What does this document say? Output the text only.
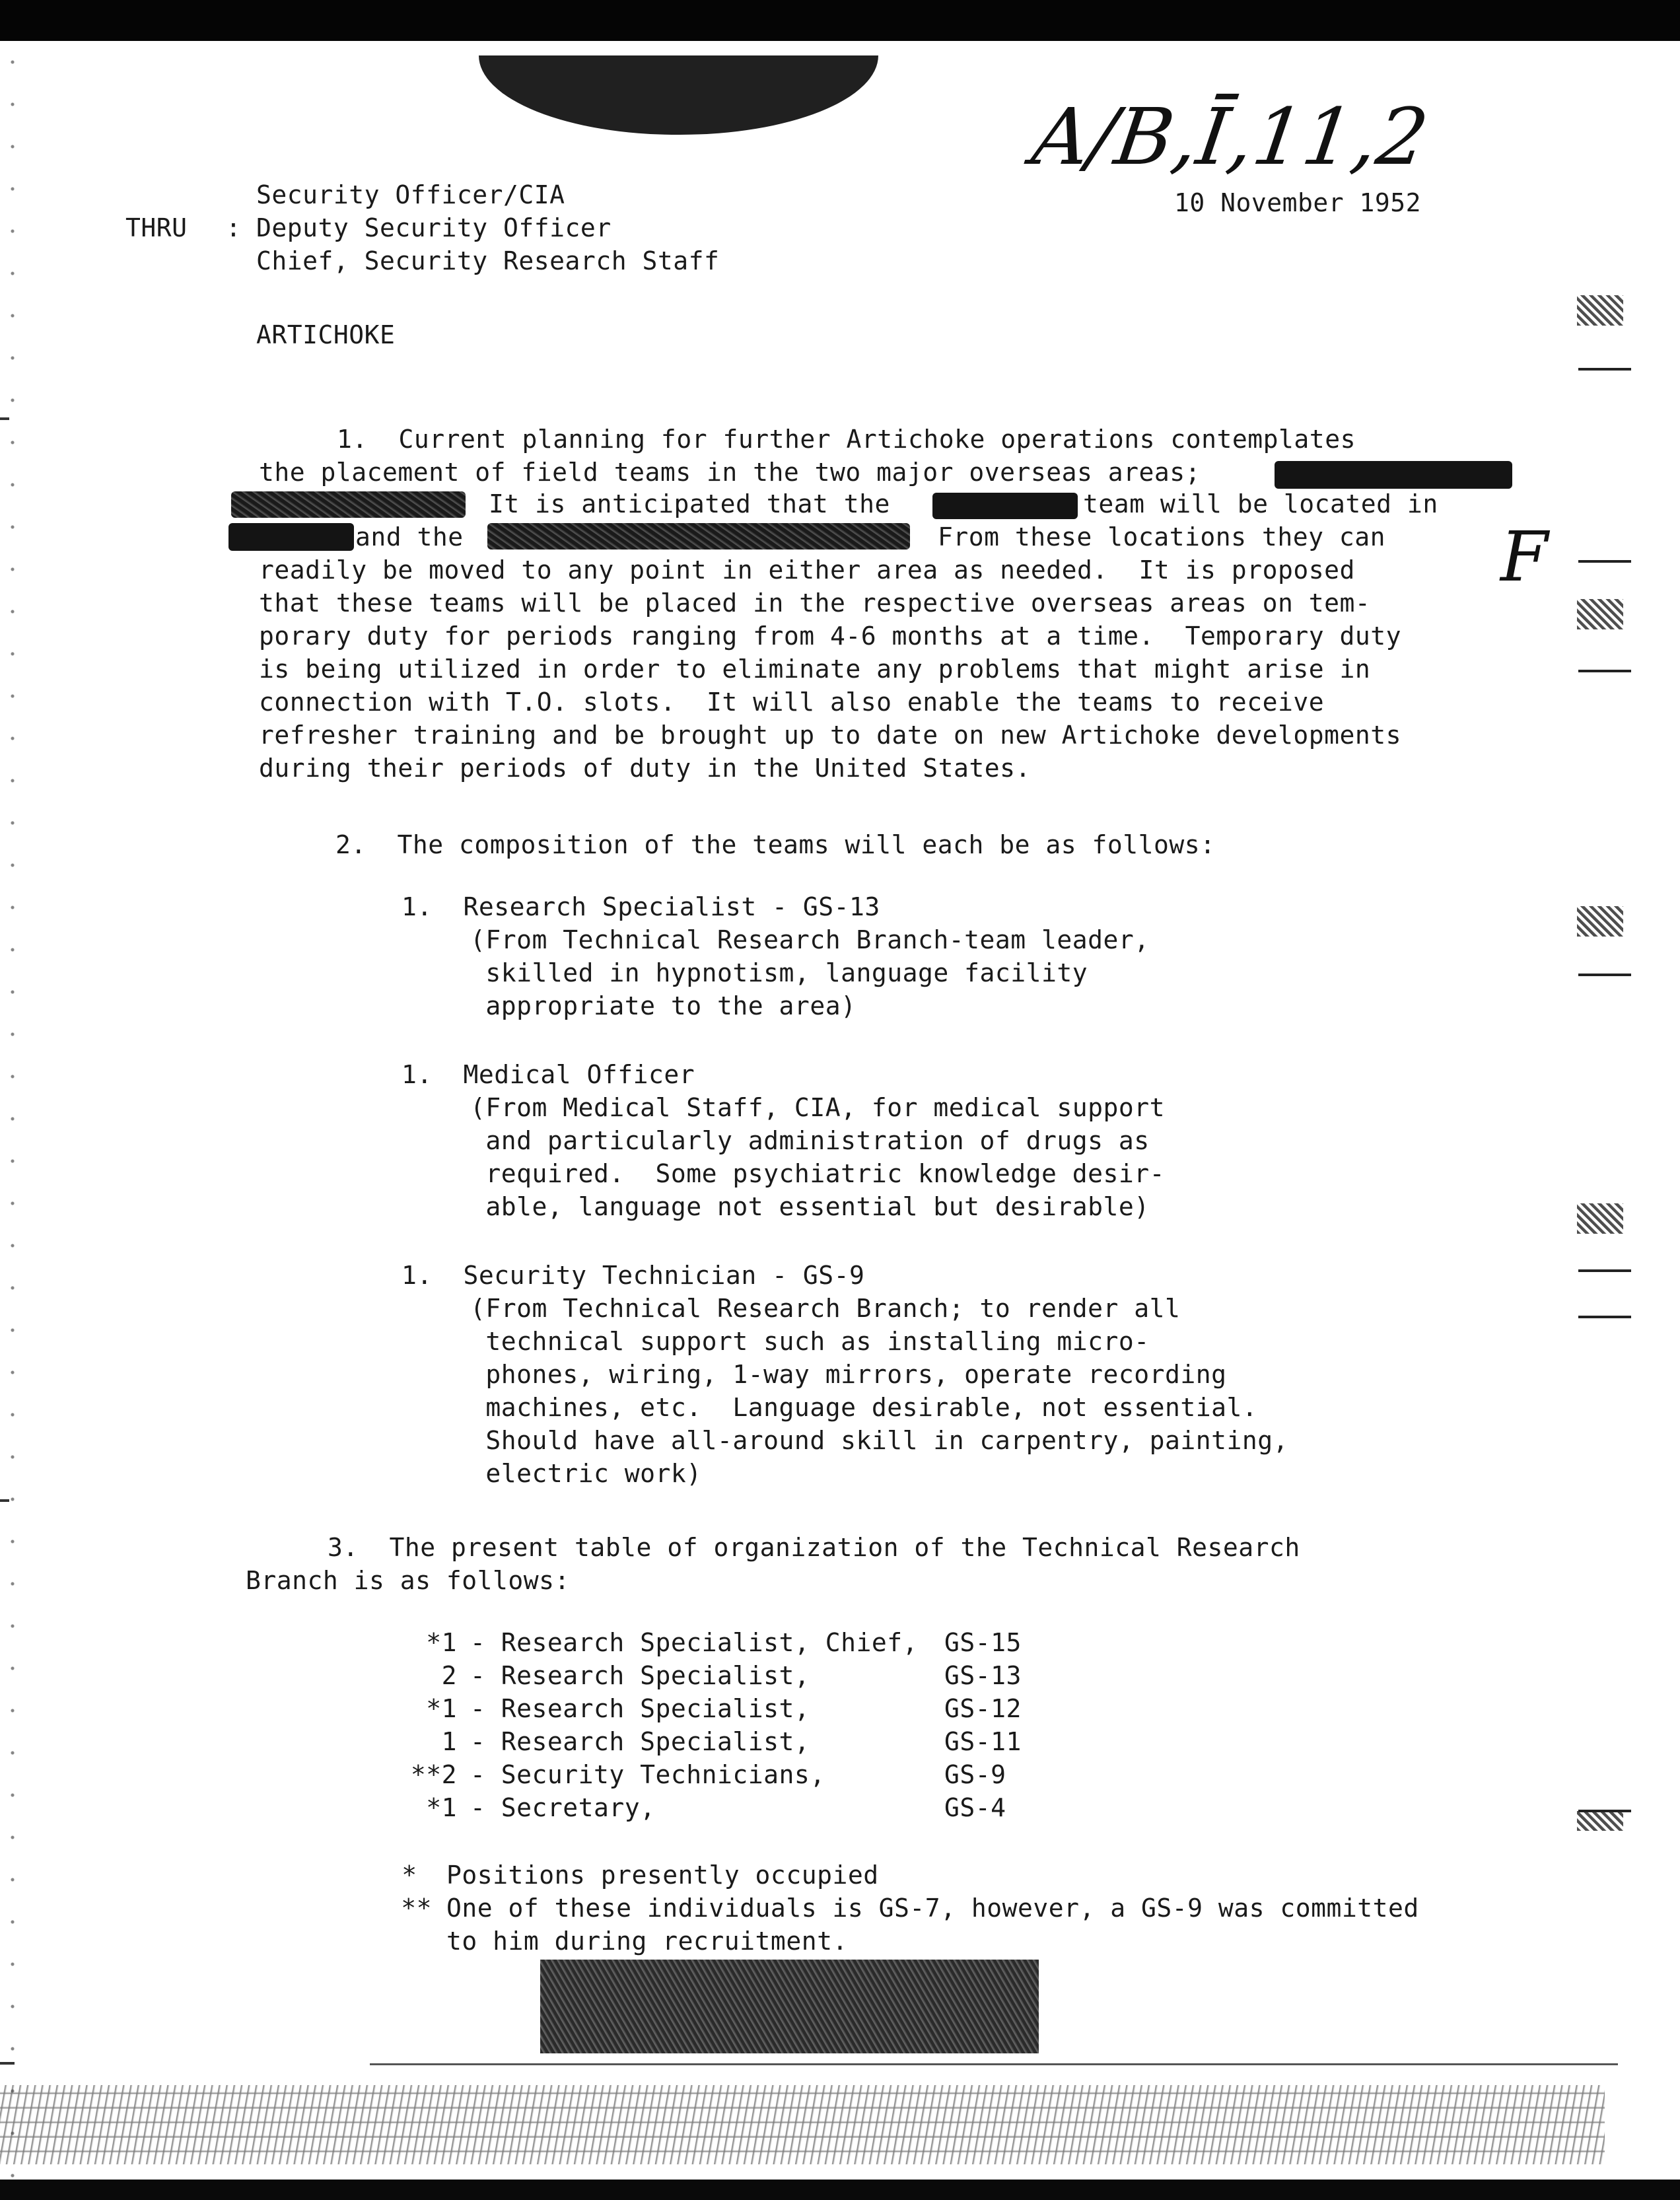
A/B,Ī,11,2
F
Security Officer/CIA
THRU : Deputy Security Officer
Chief, Security Research Staff
10 November 1952
ARTICHOKE
1.  Current planning for further Artichoke operations contemplates
the placement of field teams in the two major overseas areas;
It is anticipated that the	team will be located in
and the	From these locations they can
readily be moved to any point in either area as needed.  It is proposed
that these teams will be placed in the respective overseas areas on tem-
porary duty for periods ranging from 4-6 months at a time.  Temporary duty
is being utilized in order to eliminate any problems that might arise in
connection with T.O. slots.  It will also enable the teams to receive
refresher training and be brought up to date on new Artichoke developments
during their periods of duty in the United States.
2.  The composition of the teams will each be as follows:
1.  Research Specialist - GS-13
(From Technical Research Branch-team leader,
skilled in hypnotism, language facility
appropriate to the area)
1.  Medical Officer
(From Medical Staff, CIA, for medical support
and particularly administration of drugs as
required.  Some psychiatric knowledge desir-
able, language not essential but desirable)
1.  Security Technician - GS-9
(From Technical Research Branch; to render all
technical support such as installing micro-
phones, wiring, 1-way mirrors, operate recording
machines, etc.  Language desirable, not essential.
Should have all-around skill in carpentry, painting,
electric work)
3.  The present table of organization of the Technical Research
Branch is as follows:
*1 - Research Specialist, Chief, GS-15
2 - Research Specialist,	GS-13
*1 - Research Specialist,	GS-12
1 - Research Specialist,	GS-11
**2 - Security Technicians,	GS-9
*1 - Secretary,	GS-4
*	Positions presently occupied
** One of these individuals is GS-7, however, a GS-9 was committed
to him during recruitment.
